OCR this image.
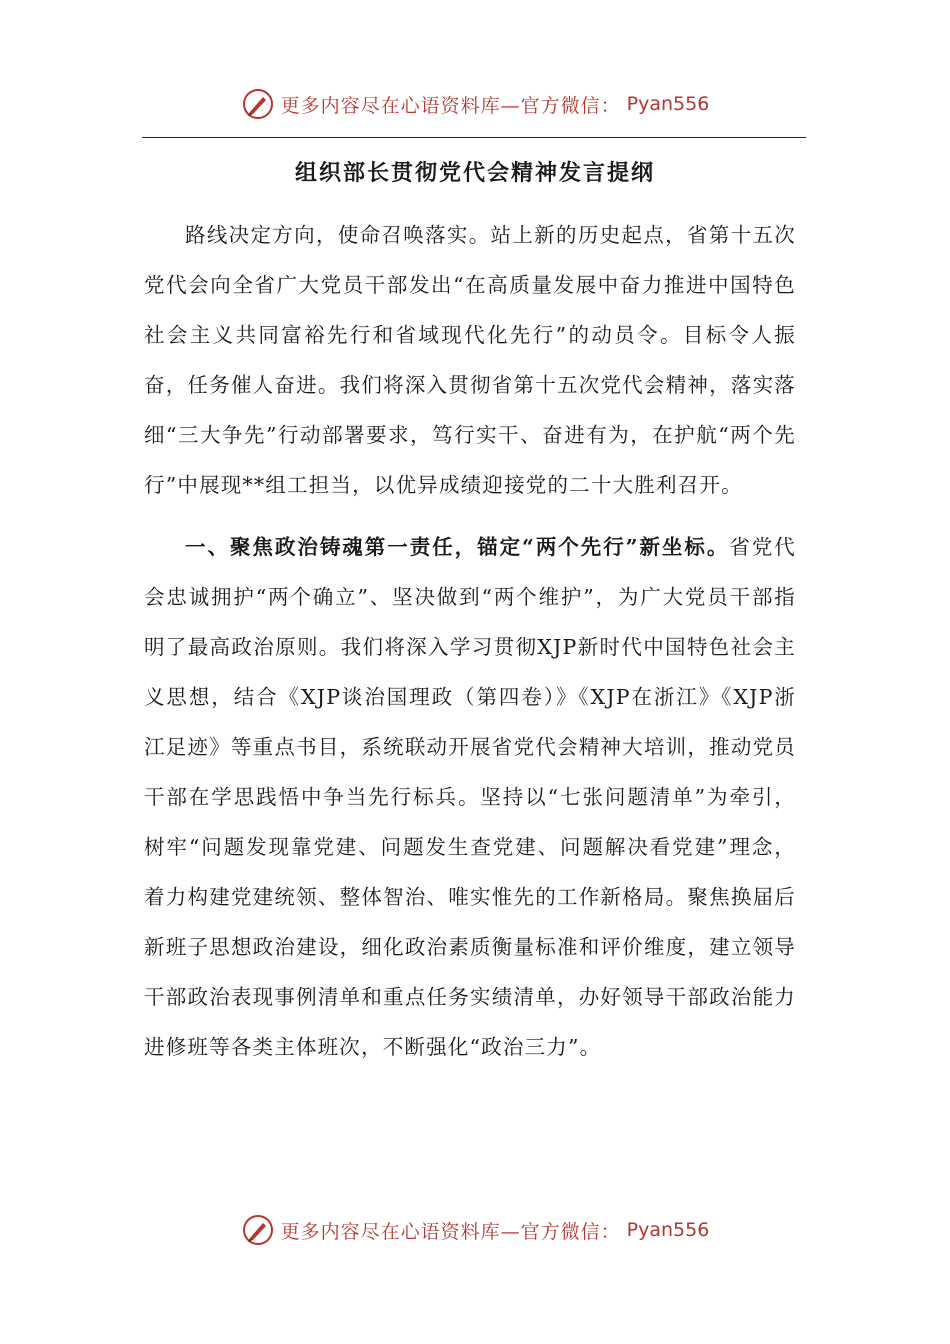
更多内容尽在心语资料库—官方微信： Pyan556
组织部长贯彻党代会精神发言提纲

路线决定方向，使命召唤落实。站上新的历史起点，省第十五次党代会向全省广大党员干部发出“在高质量发展中奋力推进中国特色社会主义共同富裕先行和省域现代化先行”的动员令。目标令人振奋，任务催人奋进。我们将深入贯彻省第十五次党代会精神，落实落细“三大争先”行动部署要求，笃行实干、奋进有为，在护航“两个先行”中展现**组工担当，以优异成绩迎接党的二十大胜利召开。

一、聚焦政治铸魂第一责任，锚定“两个先行”新坐标。省党代会忠诚拥护“两个确立”、坚决做到“两个维护”，为广大党员干部指明了最高政治原则。我们将深入学习贯彻XJP新时代中国特色社会主义思想，结合《XJP谈治国理政（第四卷）》《XJP在浙江》《XJP浙江足迹》等重点书目，系统联动开展省党代会精神大培训，推动党员干部在学思践悟中争当先行标兵。坚持以“七张问题清单”为牵引，树牢“问题发现靠党建、问题发生查党建、问题解决看党建”理念，着力构建党建统领、整体智治、唯实惟先的工作新格局。聚焦换届后新班子思想政治建设，细化政治素质衡量标准和评价维度，建立领导干部政治表现事例清单和重点任务实绩清单，办好领导干部政治能力进修班等各类主体班次，不断强化“政治三力”。

更多内容尽在心语资料库—官方微信： Pyan556
